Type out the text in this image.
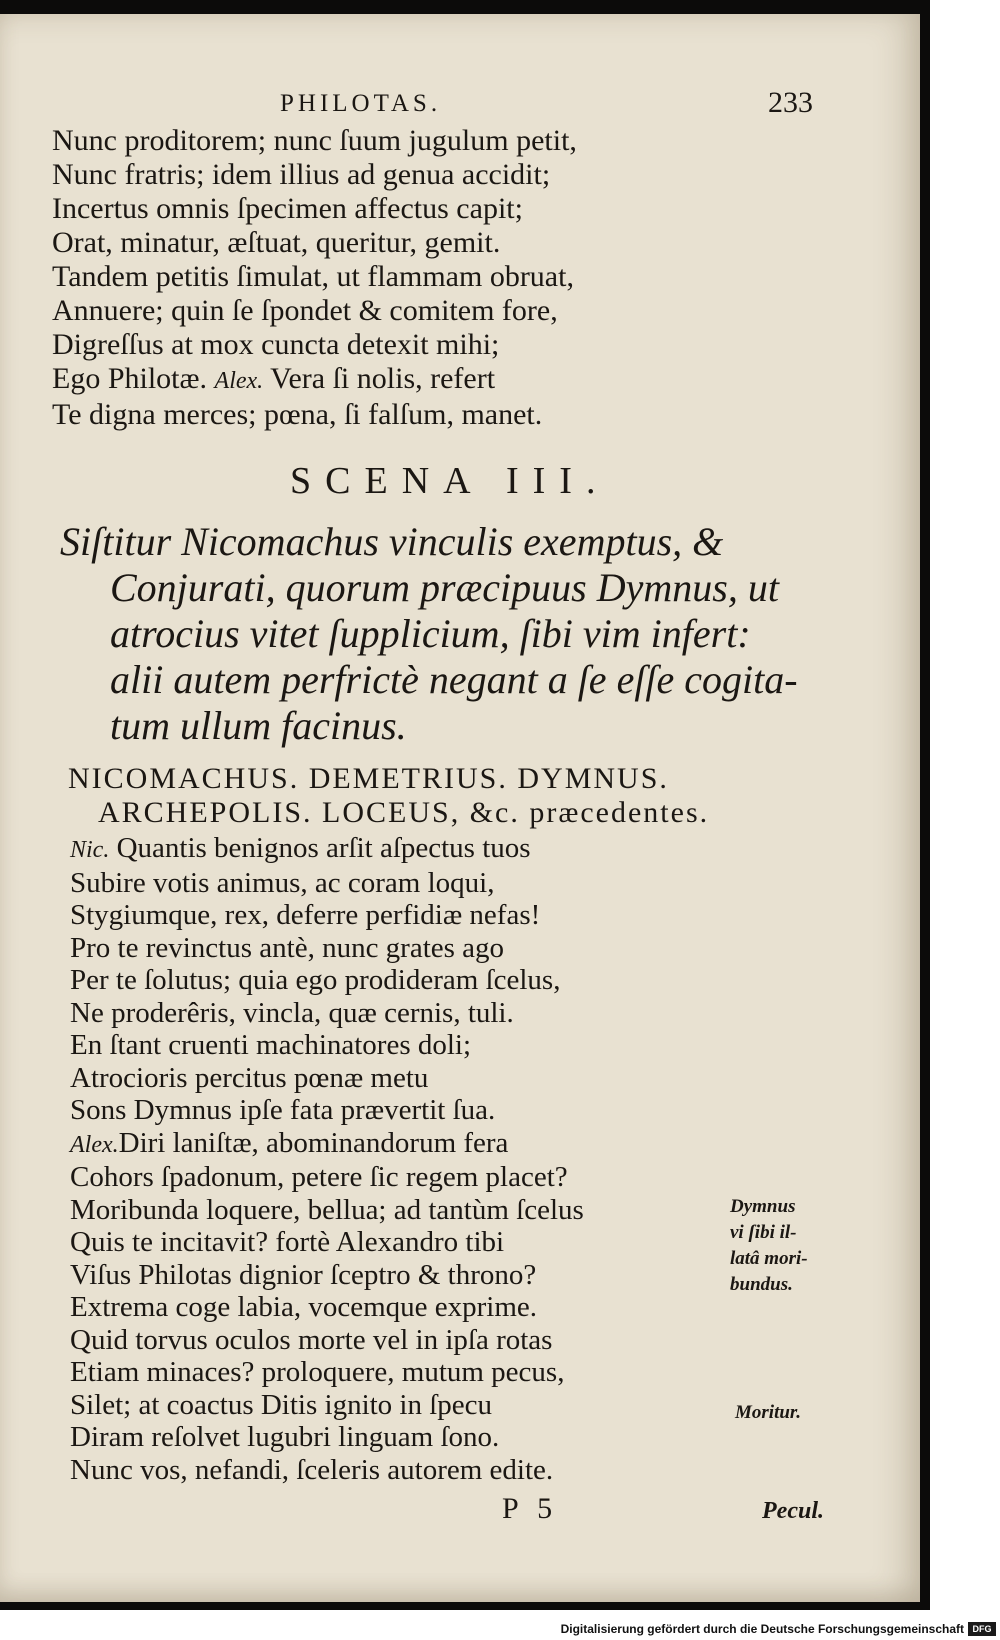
PHILOTAS.	233
Nunc proditorem; nunc ſuum jugulum petit,
Nunc fratris; idem illius ad genua accidit;
Incertus omnis ſpecimen affectus capit;
Orat, minatur, æſtuat, queritur, gemit.
Tandem petitis ſimulat, ut flammam obruat,
Annuere; quin ſe ſpondet & comitem fore,
Digreſſus at mox cuncta detexit mihi;
Ego Philotæ. Alex. Vera ſi nolis, refert
Te digna merces; pœna, ſi falſum, manet.
SCENA III.

Siſtitur Nicomachus vinculis exemptus, &
Conjurati, quorum præcipuus Dymnus, ut
atrocius vitet ſupplicium, ſibi vim infert:
alii autem perfrictè negant a ſe eſſe cogita-
tum ullum facinus.

NICOMACHUS. DEMETRIUS. DYMNUS.
ARCHEPOLIS. LOCEUS, &c. præcedentes.
Nic. Quantis benignos arſit aſpectus tuos
Subire votis animus, ac coram loqui,
Stygiumque, rex, deferre perfidiæ nefas!
Pro te revinctus antè, nunc grates ago
Per te ſolutus; quia ego prodideram ſcelus,
Ne proderêris, vincla, quæ cernis, tuli.
En ſtant cruenti machinatores doli;
Atrocioris percitus pœnæ metu
Sons Dymnus ipſe fata prævertit ſua.
Alex.Diri laniſtæ, abominandorum fera
Cohors ſpadonum, petere ſic regem placet?
Moribunda loquere, bellua; ad tantùm ſcelus
Quis te incitavit? fortè Alexandro tibi
Viſus Philotas dignior ſceptro & throno?
Extrema coge labia, vocemque exprime.
Quid torvus oculos morte vel in ipſa rotas
Etiam minaces? proloquere, mutum pecus,
Silet; at coactus Ditis ignito in ſpecu
Diram reſolvet lugubri linguam ſono.
Nunc vos, nefandi, ſceleris autorem edite.
Dymnus
vi ſibi il-
latâ mori-
bundus.
Moritur.
P 5	Pecul.
Digitalisierung gefördert durch die Deutsche Forschungsgemeinschaft DFG
